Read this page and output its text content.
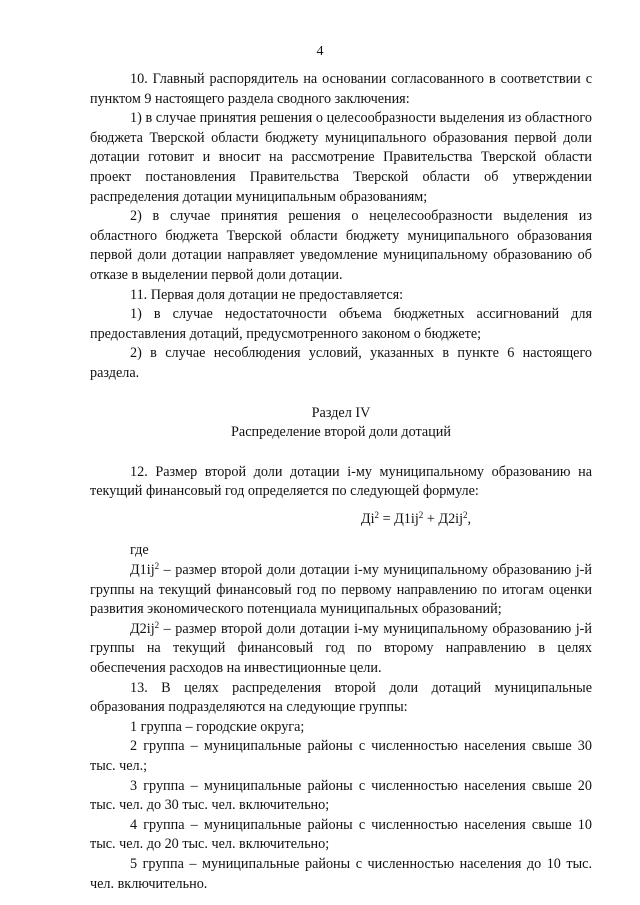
4

10. Главный распорядитель на основании согласованного в соответствии с пунктом 9 настоящего раздела сводного заключения:

1) в случае принятия решения о целесообразности выделения из областного бюджета Тверской области бюджету муниципального образования первой доли дотации готовит и вносит на рассмотрение Правительства Тверской области проект постановления Правительства Тверской области об утверждении распределения дотации муниципальным образованиям;

2) в случае принятия решения о нецелесообразности выделения из областного бюджета Тверской области бюджету муниципального образования первой доли дотации направляет уведомление муниципальному образованию об отказе в выделении первой доли дотации.

11. Первая доля дотации не предоставляется:

1) в случае недостаточности объема бюджетных ассигнований для предоставления дотаций, предусмотренного законом о бюджете;

2) в случае несоблюдения условий, указанных в пункте 6 настоящего раздела.

Раздел IV

Распределение второй доли дотаций

12. Размер второй доли дотации i-му муниципальному образованию на текущий финансовый год определяется по следующей формуле:

$Дi^2 = Д1ij^2 + Д2ij^2$,

где

$Д1ij^2$ – размер второй доли дотации i-му муниципальному образованию j-й группы на текущий финансовый год по первому направлению по итогам оценки развития экономического потенциала муниципальных образований;

$Д2ij^2$ – размер второй доли дотации i-му муниципальному образованию j-й группы на текущий финансовый год по второму направлению в целях обеспечения расходов на инвестиционные цели.

13. В целях распределения второй доли дотаций муниципальные образования подразделяются на следующие группы:

1 группа – городские округа;

2 группа – муниципальные районы с численностью населения свыше 30 тыс. чел.;

3 группа – муниципальные районы с численностью населения свыше 20 тыс. чел. до 30 тыс. чел. включительно;

4 группа – муниципальные районы с численностью населения свыше 10 тыс. чел. до 20 тыс. чел. включительно;

5 группа – муниципальные районы с численностью населения до 10 тыс. чел. включительно.
